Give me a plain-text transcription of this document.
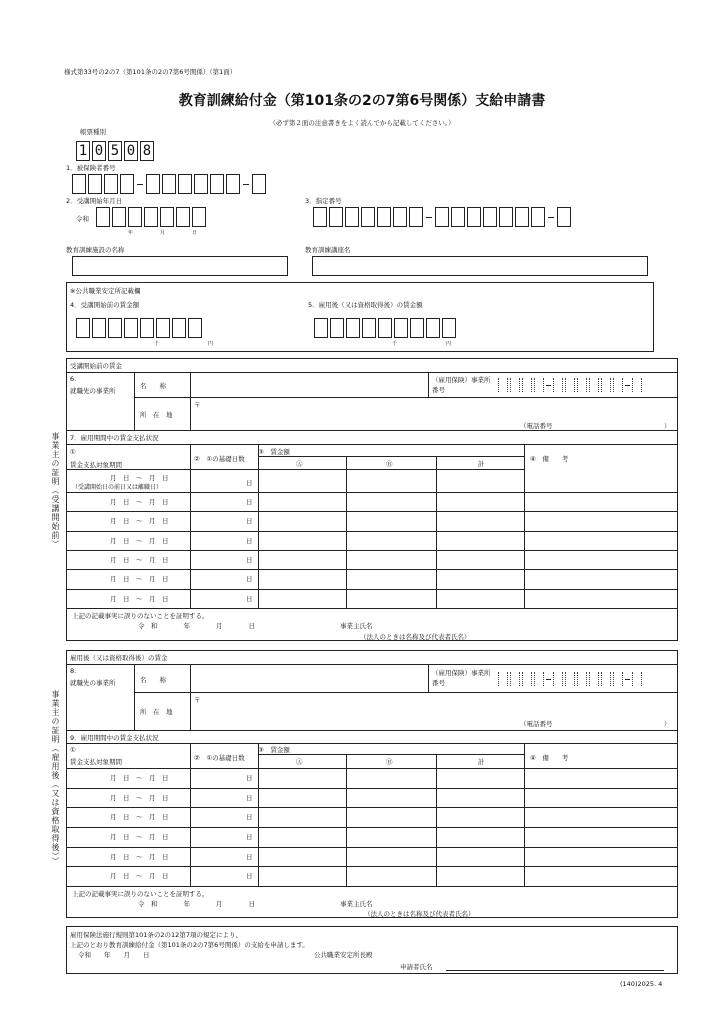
様式第33号の2の7（第101条の2の7第6号関係）（第1面）
教育訓練給付金（第101条の2の7第6号関係）支給申請書
（必ず第２面の注意書きをよく読んでから記載してください。）
帳票種別
1 0 5 0 8
1．被保険者番号
2．受講開始年月日
令和
年	月	日
3．指定番号
教育訓練施設の名称	教育訓練講座名
※公共職業安定所記載欄
4．受講開始前の賃金額
千	円
5．雇用後（又は資格取得後）の賃金額
千	円
事業主の証明（受講開始前）
受講開始前の賃金
6.
就職先の事業所
名　　称
所　在　地
〒
（雇用保険）事業所番号
（電話番号	）
7．雇用期間中の賃金支払状況
①
賃金支払対象期間
②　①の基礎日数
③　賃金額
Ⓐ	Ⓑ	計
④　備　　考
月　日　～　月　日
（受講開始日の前日又は離職日）
日
月　日　～　月　日	日
月　日　～　月　日	日
月　日　～　月　日	日
月　日　～　月　日	日
月　日　～　月　日	日
月　日　～　月　日	日
上記の記載事実に誤りのないことを証明する。
令　和　　　　年　　　　月　　　　日	事業主氏名
（法人のときは名称及び代表者氏名）
事業主の証明（雇用後（又は資格取得後））
雇用後（又は資格取得後）の賃金
8.
就職先の事業所	名　　称
所　在　地
〒
（雇用保険）事業所番号
（電話番号	）
9．雇用期間中の賃金支払状況
①
賃金支払対象期間	②　①の基礎日数
③　賃金額
Ⓐ	Ⓑ	計	④　備　　考
月　日　～　月　日	日
月　日　～　月　日	日
月　日　～　月　日	日
月　日　～　月　日	日
月　日　～　月　日	日
月　日　～　月　日	日
上記の記載事実に誤りのないことを証明する。
令　和　　　　年　　　　月　　　　日	事業主氏名
（法人のときは名称及び代表者氏名）
雇用保険法施行規則第101条の2の12第7項の規定により、
上記のとおり教育訓練給付金（第101条の2の7第6号関係）の支給を申請します。
令和　　年　　月　　日	公共職業安定所長殿
申請者氏名
(140)2025. 4
